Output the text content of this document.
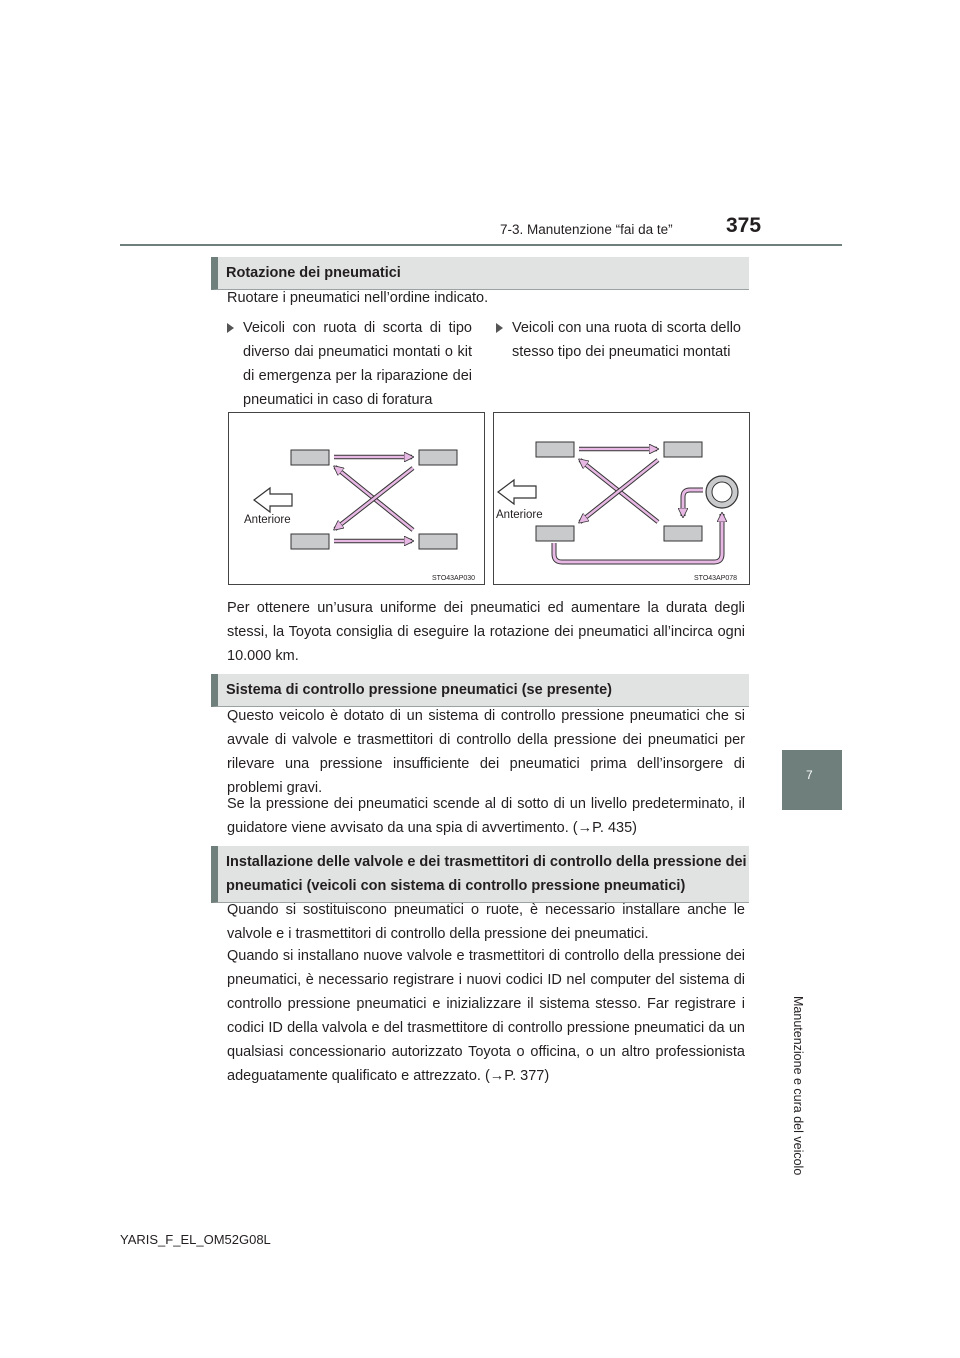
7-3. Manutenzione “fai da te”	375
7
Manutenzione e cura del veicolo
Rotazione dei pneumatici

Ruotare i pneumatici nell’ordine indicato.

Veicoli con ruota di scorta di tipo diverso dai pneumatici montati o kit di emergenza per la riparazione dei pneumatici in caso di foratura
Veicoli con una ruota di scorta dello stesso tipo dei pneumatici montati
Anteriore
STO43AP030
Anteriore
STO43AP078

Per ottenere un’usura uniforme dei pneumatici ed aumentare la durata degli stessi, la Toyota consiglia di eseguire la rotazione dei pneumatici all’incirca ogni 10.000 km.

Sistema di controllo pressione pneumatici (se presente)

Questo veicolo è dotato di un sistema di controllo pressione pneumatici che si avvale di valvole e trasmettitori di controllo della pressione dei pneumatici per rilevare una pressione insufficiente dei pneumatici prima dell’insorgere di problemi gravi.

Se la pressione dei pneumatici scende al di sotto di un livello predeterminato, il guidatore viene avvisato da una spia di avvertimento. (→P. 435)

Installazione delle valvole e dei trasmettitori di controllo della pressione dei pneumatici (veicoli con sistema di controllo pressione pneumatici)

Quando si sostituiscono pneumatici o ruote, è necessario installare anche le valvole e i trasmettitori di controllo della pressione dei pneumatici.

Quando si installano nuove valvole e trasmettitori di controllo della pressione dei pneumatici, è necessario registrare i nuovi codici ID nel computer del sistema di controllo pressione pneumatici e inizializzare il sistema stesso. Far registrare i codici ID della valvola e del trasmettitore di controllo pressione pneumatici da un qualsiasi concessionario autorizzato Toyota o officina, o un altro professionista adeguatamente qualificato e attrezzato. (→P. 377)

YARIS_F_EL_OM52G08L
